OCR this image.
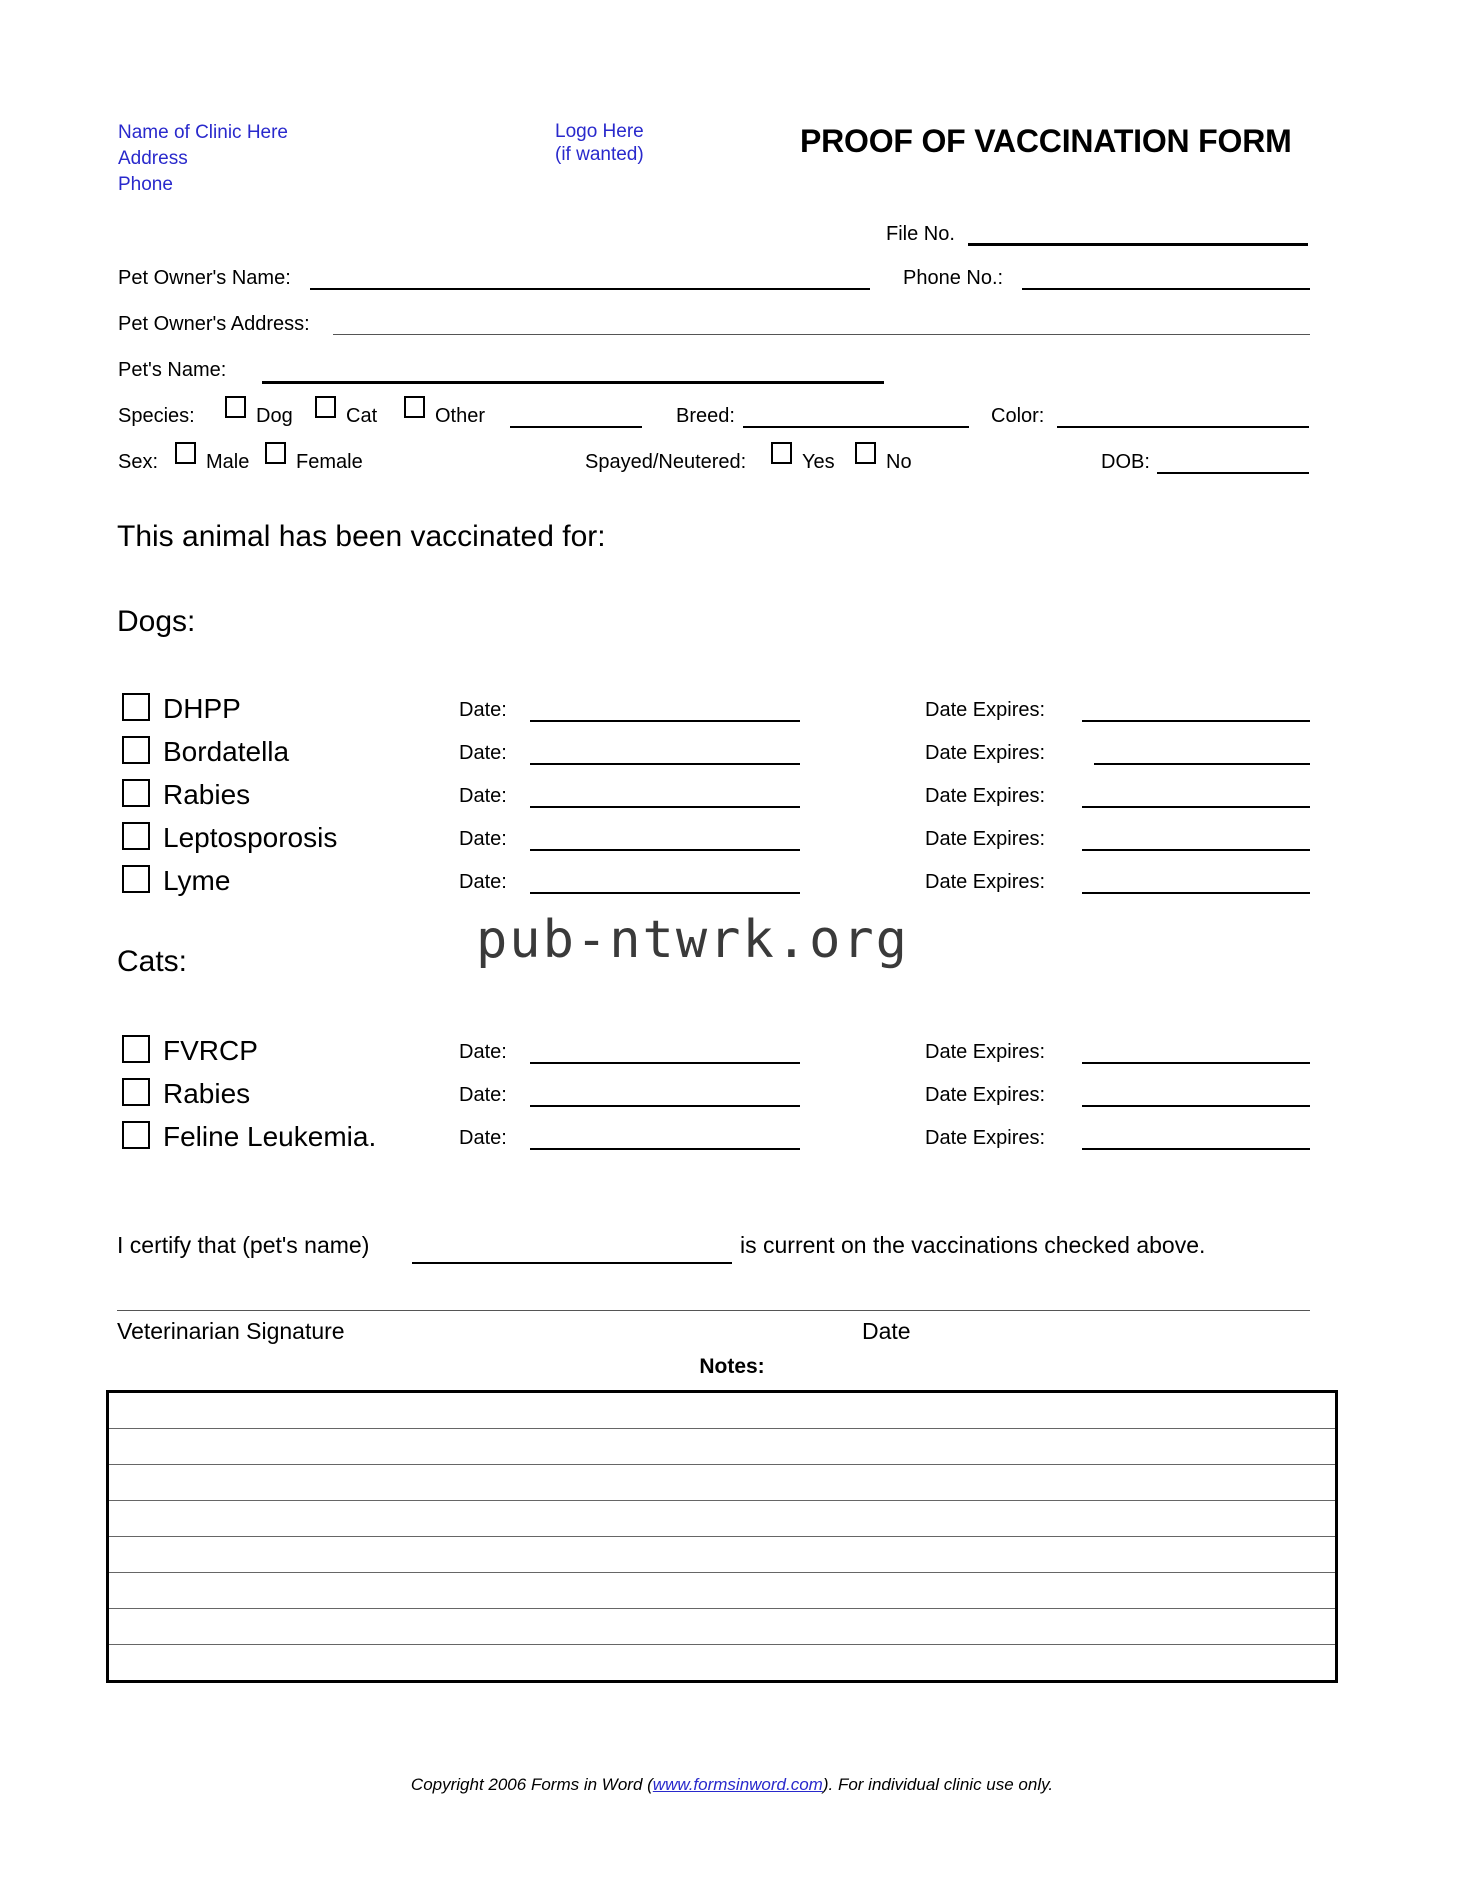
Name of Clinic Here
Address
Phone
Logo Here
(if wanted)	PROOF OF VACCINATION FORM
File No.
Pet Owner's Name:	Phone No.:
Pet Owner's Address:
Pet's Name:
Species:	Dog	Cat	Other	Breed:	Color:
Sex: Male Female	Spayed/Neutered:	Yes	No	DOB:
This animal has been vaccinated for:
Dogs:
DHPP	Date:	Date Expires:
Bordatella	Date:	Date Expires:
Rabies	Date:	Date Expires:
Leptosporosis	Date:	Date Expires:
Lyme	Date:	Date Expires:
pub-ntwrk.org
Cats:
FVRCP	Date:	Date Expires:
Rabies	Date:	Date Expires:
Feline Leukemia.	Date:	Date Expires:
I certify that (pet's name)	is current on the vaccinations checked above.
Veterinarian Signature	Date
Notes:

Copyright 2006 Forms in Word (www.formsinword.com). For individual clinic use only.
